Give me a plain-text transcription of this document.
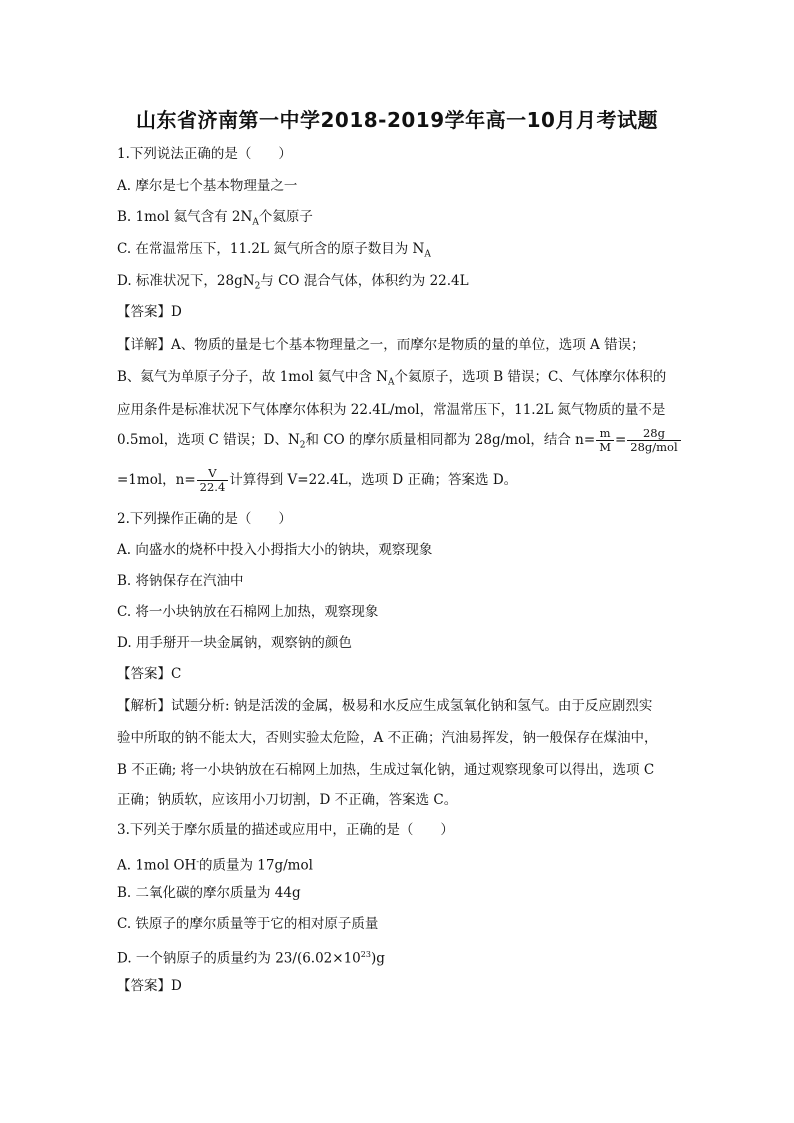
山东省济南第一中学2018-2019学年高一10月月考试题
1.下列说法正确的是（　　）
A. 摩尔是七个基本物理量之一
B. 1mol 氦气含有 $2N_A$个氦原子
C. 在常温常压下，11.2L 氮气所含的原子数目为 $N_A$
D. 标准状况下，$28gN_2$与 CO 混合气体，体积约为 22.4L
【答案】D
【详解】A、物质的量是七个基本物理量之一，而摩尔是物质的量的单位，选项 A 错误；
B、氦气为单原子分子，故 1mol 氦气中含 $N_A$个氦原子，选项 B 错误；C、气体摩尔体积的
应用条件是标准状况下气体摩尔体积为 22.4L/mol，常温常压下，11.2L 氮气物质的量不是
0.5mol，选项 C 错误；D、$N_2$和 CO 的摩尔质量相同都为 28g/mol，结合 $n= \frac{m}{M} = \frac{28g}{\text{28g/mol}}$
=1mol，$n= \frac{V}{22.4}$ 计算得到 V=22.4L，选项 D 正确；答案选 D。
2.下列操作正确的是（　　）
A. 向盛水的烧杯中投入小拇指大小的钠块，观察现象
B. 将钠保存在汽油中
C. 将一小块钠放在石棉网上加热，观察现象
D. 用手掰开一块金属钠，观察钠的颜色
【答案】C
【解析】试题分析: 钠是活泼的金属，极易和水反应生成氢氧化钠和氢气。由于反应剧烈实
验中所取的钠不能太大，否则实验太危险，A 不正确；汽油易挥发，钠一般保存在煤油中，
B 不正确; 将一小块钠放在石棉网上加热，生成过氧化钠，通过观察现象可以得出，选项 C
正确；钠质软，应该用小刀切割，D 不正确，答案选 C。
3.下列关于摩尔质量的描述或应用中，正确的是（　　）
A. 1mol OH-的质量为 17g/mol
B. 二氧化碳的摩尔质量为 44g
C. 铁原子的摩尔质量等于它的相对原子质量
D. 一个钠原子的质量约为 $23/(6.02\times 10^{23})g$
【答案】D
